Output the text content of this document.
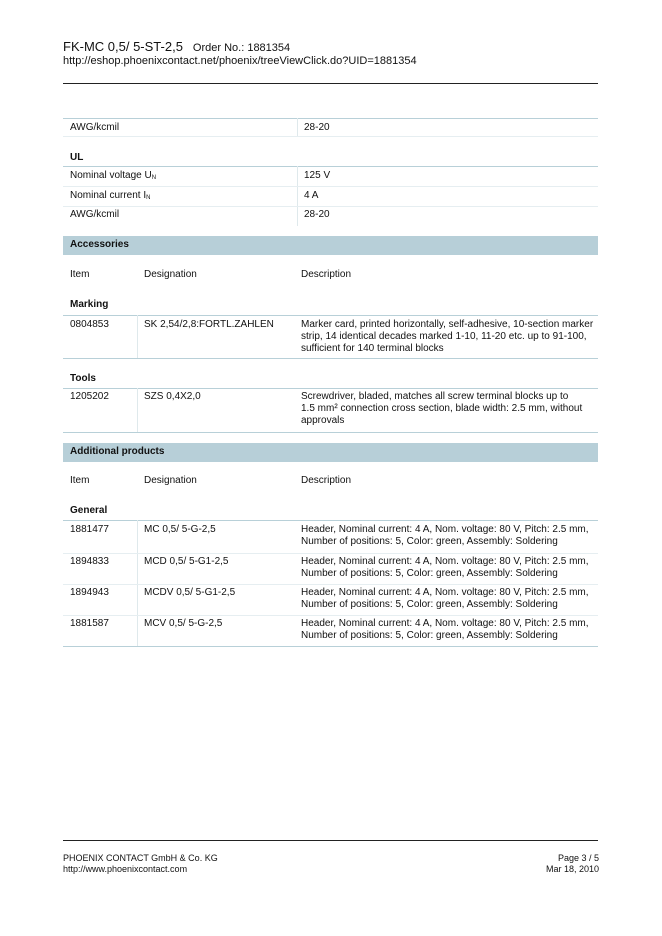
FK-MC 0,5/ 5-ST-2,5 Order No.: 1881354
http://eshop.phoenixcontact.net/phoenix/treeViewClick.do?UID=1881354
AWG/kcmil	28-20
UL
Nominal voltage UN	125 V
Nominal current IN	4 A
AWG/kcmil	28-20
Accessories
Item	Designation	Description
Marking
0804853	SK 2,54/2,8:FORTL.ZAHLEN	Marker card, printed horizontally, self-adhesive, 10-section marker
strip, 14 identical decades marked 1-10, 11-20 etc. up to 91-100,
sufficient for 140 terminal blocks
Tools
1205202	SZS 0,4X2,0	Screwdriver, bladed, matches all screw terminal blocks up to
1.5 mm² connection cross section, blade width: 2.5 mm, without
approvals
Additional products
Item	Designation	Description
General
1881477	MC 0,5/ 5-G-2,5	Header, Nominal current: 4 A, Nom. voltage: 80 V, Pitch: 2.5 mm,
Number of positions: 5, Color: green, Assembly: Soldering
1894833	MCD 0,5/ 5-G1-2,5	Header, Nominal current: 4 A, Nom. voltage: 80 V, Pitch: 2.5 mm,
Number of positions: 5, Color: green, Assembly: Soldering
1894943	MCDV 0,5/ 5-G1-2,5	Header, Nominal current: 4 A, Nom. voltage: 80 V, Pitch: 2.5 mm,
Number of positions: 5, Color: green, Assembly: Soldering
1881587	MCV 0,5/ 5-G-2,5	Header, Nominal current: 4 A, Nom. voltage: 80 V, Pitch: 2.5 mm,
Number of positions: 5, Color: green, Assembly: Soldering
PHOENIX CONTACT GmbH & Co. KG
http://www.phoenixcontact.com
Page 3 / 5
Mar 18, 2010
